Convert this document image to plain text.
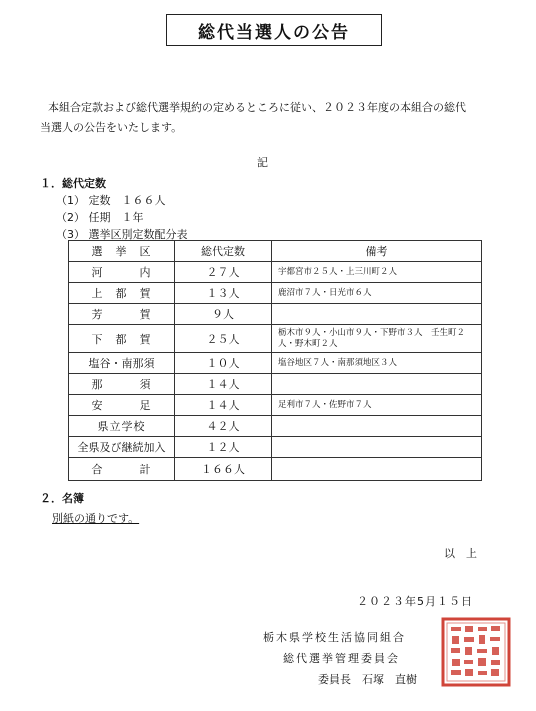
総代当選人の公告
本組合定款および総代選挙規約の定めるところに従い、２０２３年度の本組合の総代
当選人の公告をいたします。
記
１．総代定数
（1） 定数　１６６人
（2） 任期　１年
（3） 選挙区別定数配分表
選　挙　区	総代定数	備考
河　　　内	２７人	宇都宮市２５人・上三川町２人
上　都　賀	１３人	鹿沼市７人・日光市６人
芳　　　賀	９人	
下　都　賀	２５人	栃木市９人・小山市９人・下野市３人　壬生町２人・野木町２人
塩谷・南那須	１０人	塩谷地区７人・南那須地区３人
那　　　須	１４人	
安　　　足	１４人	足利市７人・佐野市７人
県立学校	４２人	
全県及び継続加入	１２人	
合　　　計	１６６人	
２．名簿
別紙の通りです。
以　上
２０２３年5月１５日
栃木県学校生活協同組合
総代選挙管理委員会
委員長　石塚　直樹
